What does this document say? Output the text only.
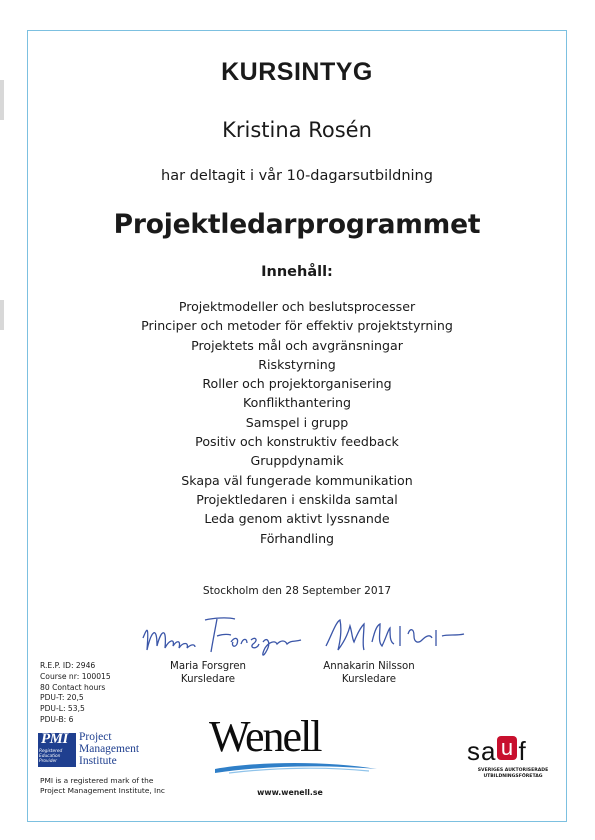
KURSINTYG
Kristina Rosén
har deltagit i vår 10-dagarsutbildning
Projektledarprogrammet
Innehåll:
Projektmodeller och beslutsprocesser
Principer och metoder för effektiv projektstyrning
Projektets mål och avgränsningar
Riskstyrning
Roller och projektorganisering
Konflikthantering
Samspel i grupp
Positiv och konstruktiv feedback
Gruppdynamik
Skapa väl fungerade kommunikation
Projektledaren i enskilda samtal
Leda genom aktivt lyssnande
Förhandling
Stockholm den 28 September 2017
Maria Forsgren
Kursledare
Annakarin Nilsson
Kursledare
R.E.P. ID: 2946
Course nr: 100015
80 Contact hours
PDU-T: 20,5
PDU-L: 53,5
PDU-B: 6
PMI
Registered
Education
Provider
Project
Management
Institute
PMI is a registered mark of the
Project Management Institute, Inc
Wenell
www.wenell.se
sa u f
SVERIGES AUKTORISERADE
UTBILDNINGSFÖRETAG
